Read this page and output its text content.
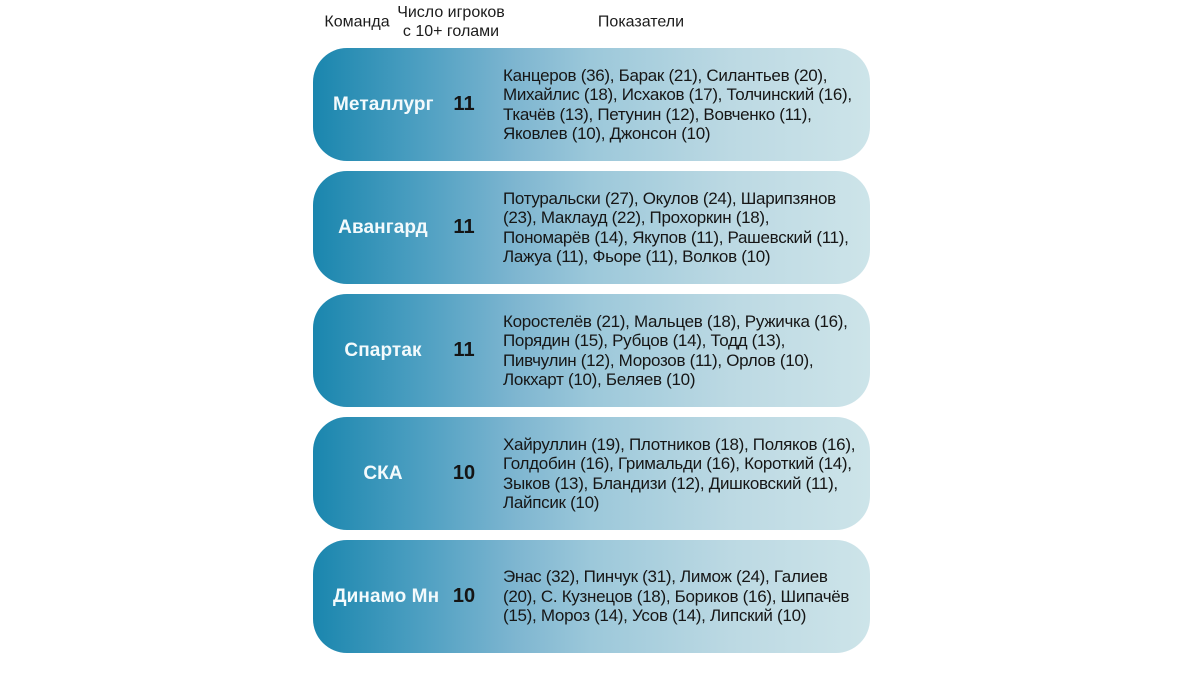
Команда
Число игроков
с 10+ голами
Показатели
Металлург 11
Канцеров (36), Барак (21), Силантьев (20), Михайлис (18), Исхаков (17), Толчинский (16), Ткачёв (13), Петунин (12), Вовченко (11), Яковлев (10), Джонсон (10)
Авангард	11
Потуральски (27), Окулов (24), Шарипзянов (23), Маклауд (22), Прохоркин (18), Пономарёв (14), Якупов (11), Рашевский (11), Лажуа (11), Фьоре (11), Волков (10)
Спартак	11
Коростелёв (21), Мальцев (18), Ружичка (16), Порядин (15), Рубцов (14), Тодд (13), Пивчулин (12), Морозов (11), Орлов (10), Локхарт (10), Беляев (10)
СКА	10
Хайруллин (19), Плотников (18), Поляков (16), Голдобин (16), Гримальди (16), Короткий (14), Зыков (13), Бландизи (12), Дишковский (11), Лайпсик (10)
Динамо Мн 10
Энас (32), Пинчук (31), Лимож (24), Галиев (20), С. Кузнецов (18), Бориков (16), Шипачёв (15), Мороз (14), Усов (14), Липский (10)
